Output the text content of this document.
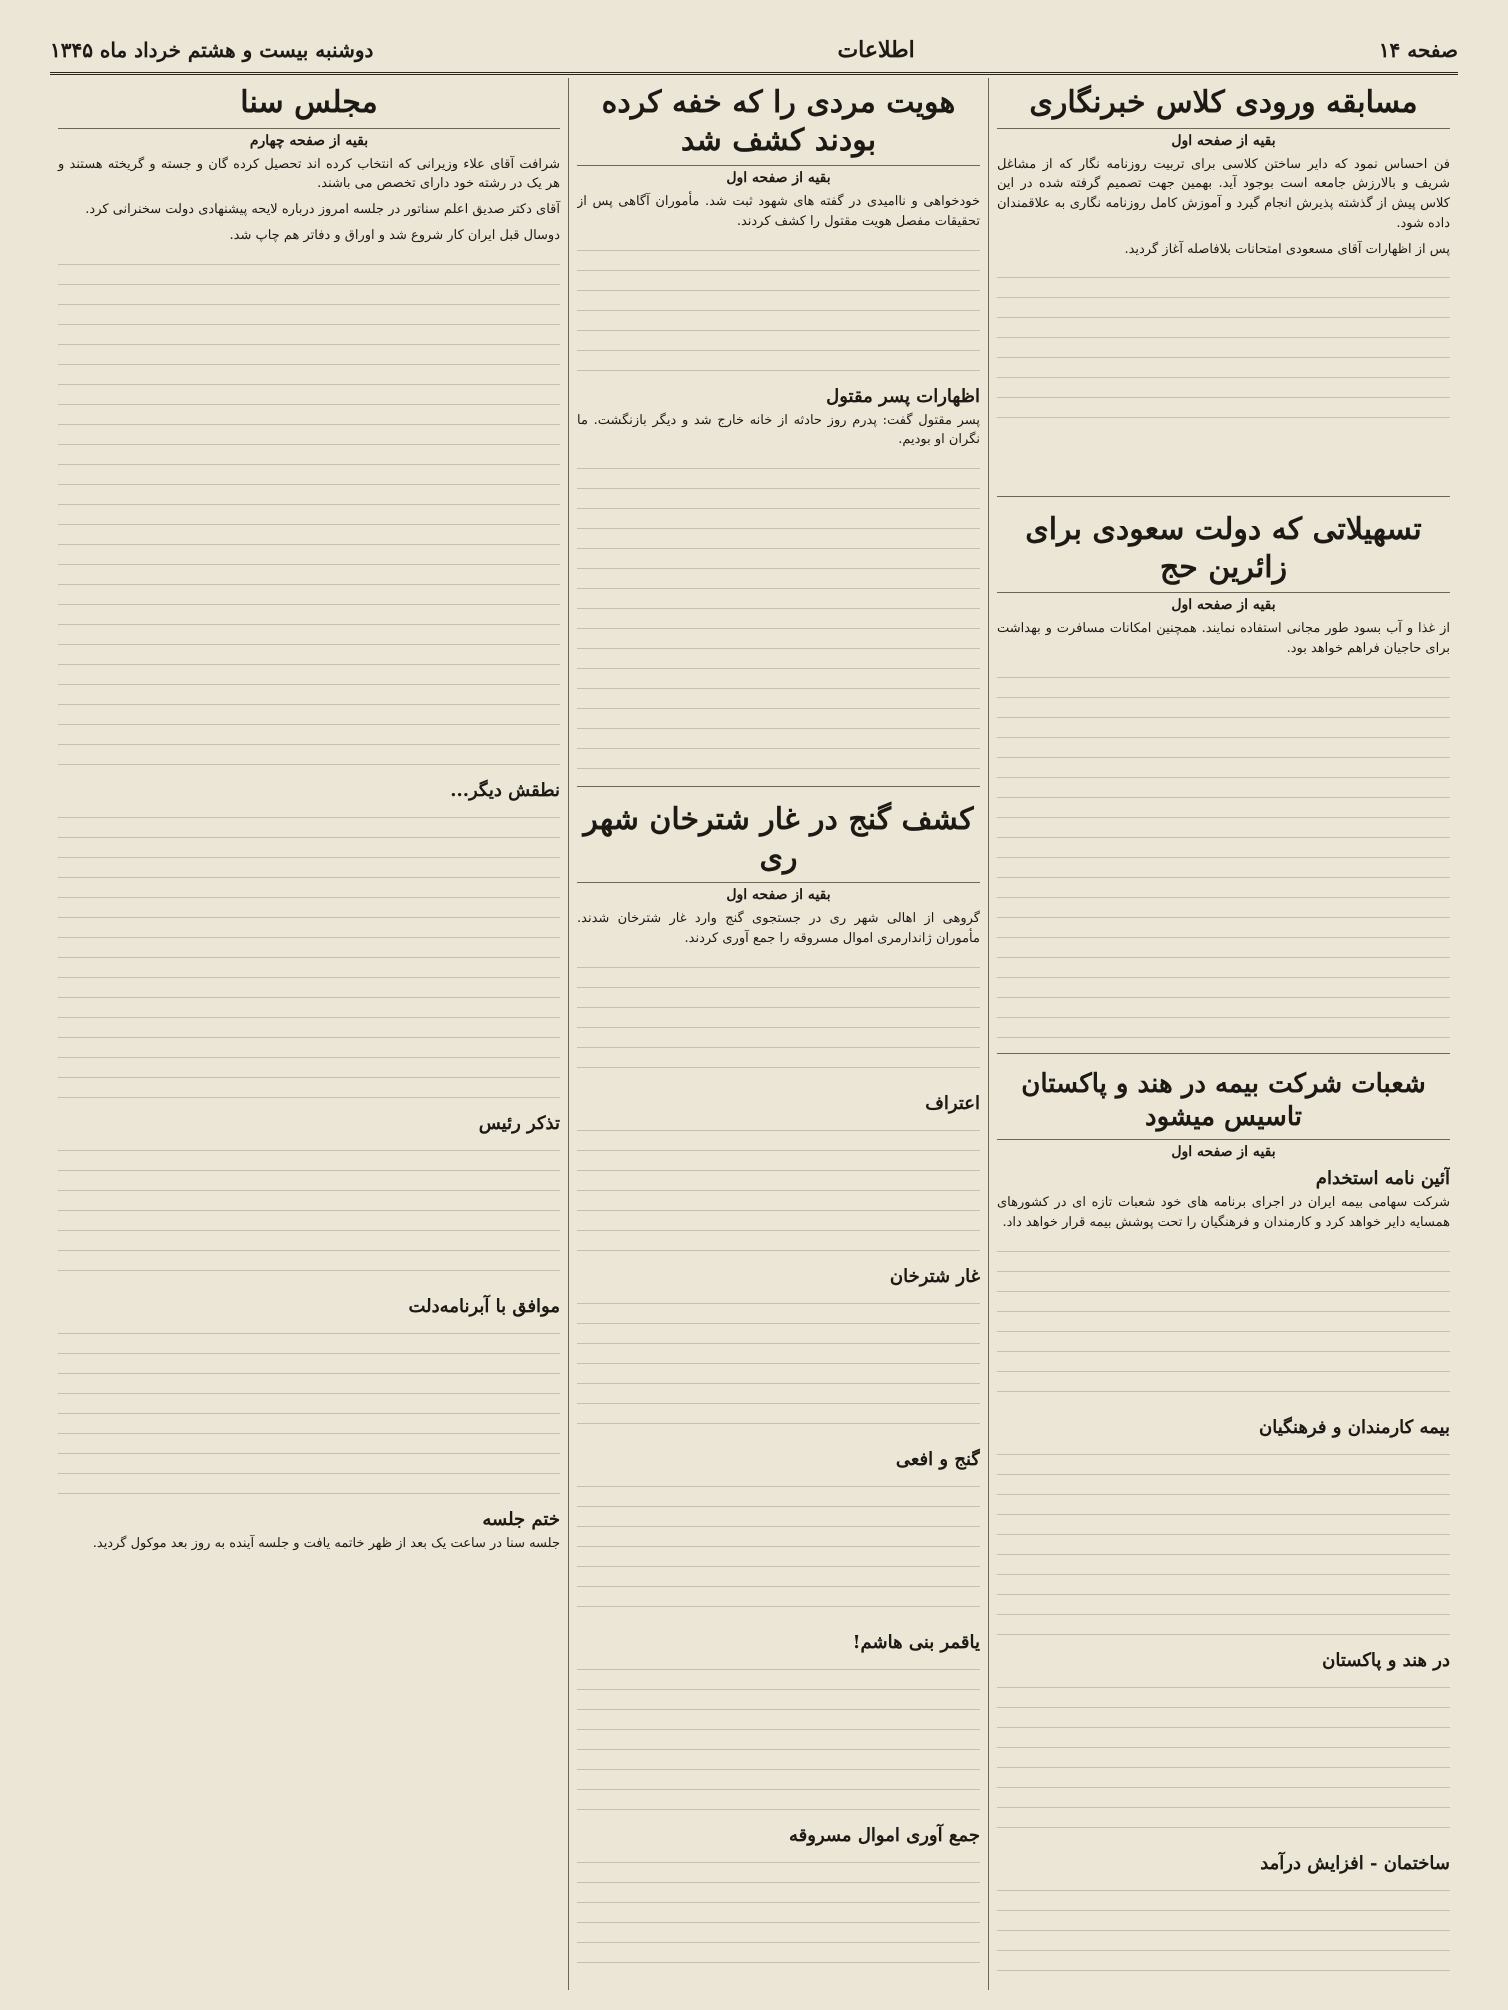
صفحه ۱۴
اطلاعات
دوشنبه بیست و هشتم خرداد ماه ۱۳۴۵
مسابقه ورودی کلاس خبرنگاری
بقیه از صفحه اول

فن احساس نمود که دایر ساختن کلاسی برای تربیت روزنامه نگار که از مشاغل شریف و بالارزش جامعه است بوجود آید. بهمین جهت تصمیم گرفته شده در این کلاس پیش از گذشته پذیرش انجام گیرد و آموزش کامل روزنامه نگاری به علاقمندان داده شود.

پس از اظهارات آقای مسعودی امتحانات بلافاصله آغاز گردید.

تسهیلاتی که دولت سعودی برای زائرین حج
بقیه از صفحه اول

از غذا و آب بسود طور مجانی استفاده نمایند. همچنین امکانات مسافرت و بهداشت برای حاجیان فراهم خواهد بود.

شعبات شرکت بیمه در هند و پاکستان تاسیس میشود
بقیه از صفحه اول
آئین نامه استخدام

شرکت سهامی بیمه ایران در اجرای برنامه های خود شعبات تازه ای در کشورهای همسایه دایر خواهد کرد و کارمندان و فرهنگیان را تحت پوشش بیمه قرار خواهد داد.

بیمه کارمندان و فرهنگیان
در هند و پاکستان
ساختمان - افزایش درآمد
هویت مردی را که خفه کرده بودند کشف شد
بقیه از صفحه اول

خودخواهی و ناامیدی در گفته های شهود ثبت شد. مأموران آگاهی پس از تحقیقات مفصل هویت مقتول را کشف کردند.

اظهارات پسر مقتول

پسر مقتول گفت: پدرم روز حادثه از خانه خارج شد و دیگر بازنگشت. ما نگران او بودیم.

کشف گنج در غار شترخان شهر ری
بقیه از صفحه اول

گروهی از اهالی شهر ری در جستجوی گنج وارد غار شترخان شدند. مأموران ژاندارمری اموال مسروقه را جمع آوری کردند.

اعتراف
غار شترخان
گنج و افعی
یاقمر بنی هاشم!
جمع آوری اموال مسروقه
مجلس سنا
بقیه از صفحه چهارم

شرافت آقای علاء وزیرانی که انتخاب کرده اند تحصیل کرده گان و جسته و گریخته هستند و هر یک در رشته خود دارای تخصص می باشند.

آقای دکتر صدیق اعلم سناتور در جلسه امروز درباره لایحه پیشنهادی دولت سخنرانی کرد.

دوسال قبل ایران کار شروع شد و اوراق و دفاتر هم چاپ شد.

نطقش دیگر...
تذکر رئیس
موافق با آبرنامه‌دلت
ختم جلسه

جلسه سنا در ساعت یک بعد از ظهر خاتمه یافت و جلسه آینده به روز بعد موکول گردید.
